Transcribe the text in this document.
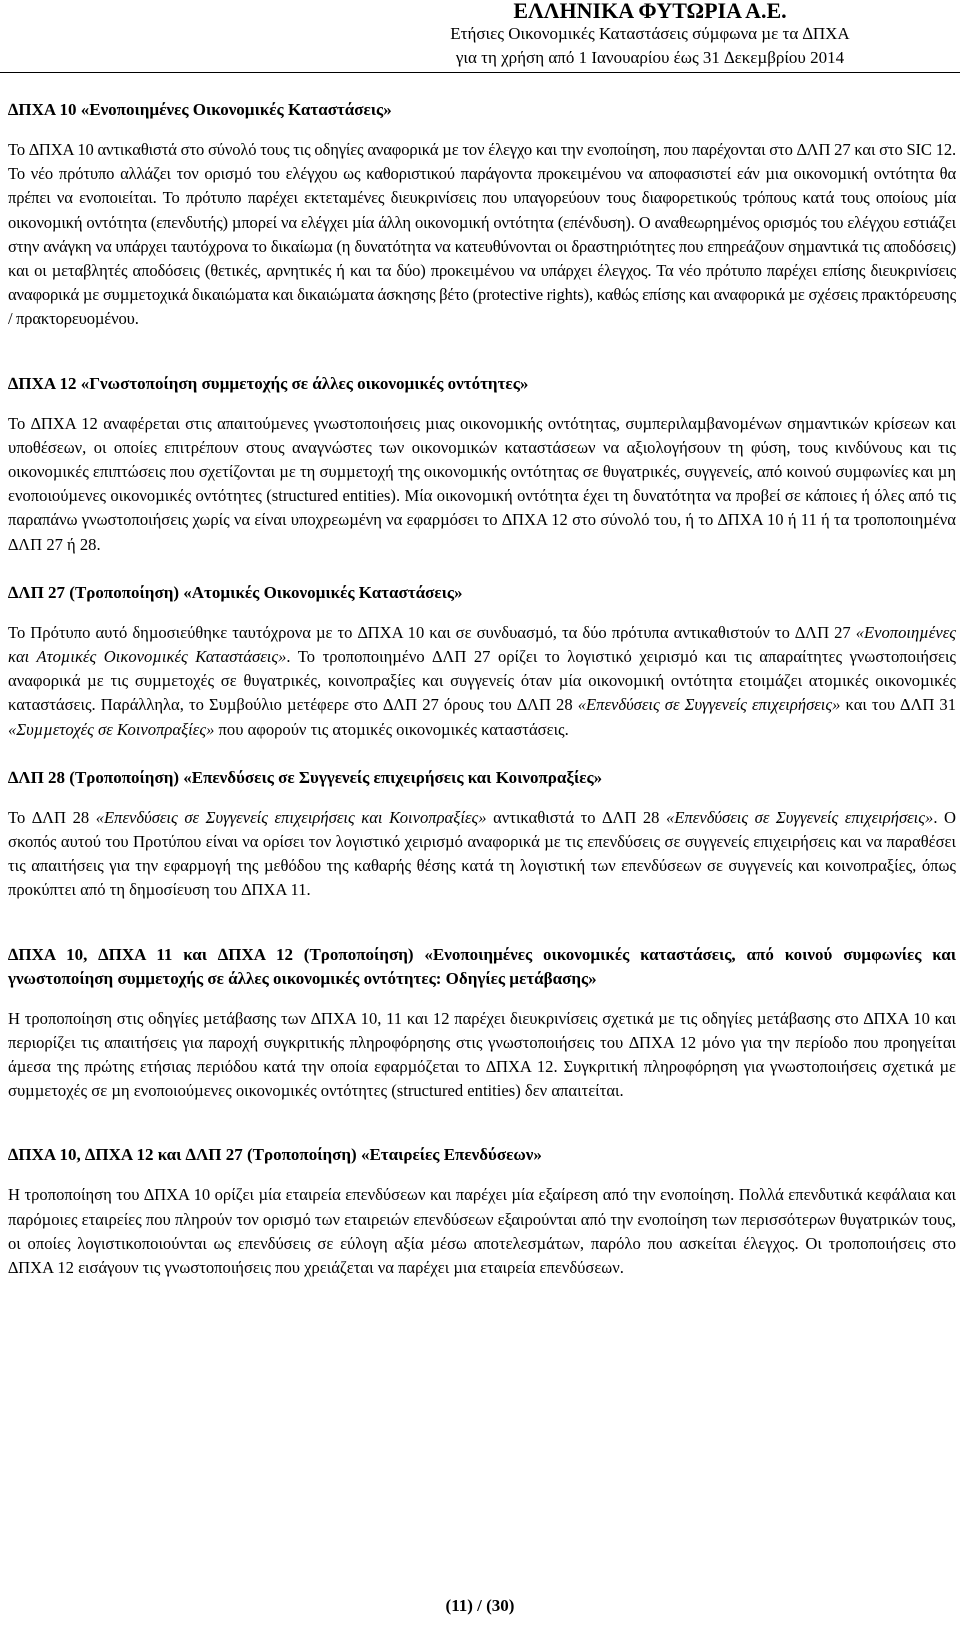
ΕΛΛΗΝΙΚΑ ΦΥΤΩΡΙΑ Α.Ε.
Ετήσιες Οικονοµικές Καταστάσεις σύµφωνα µε τα ∆ΠΧΑ
για τη χρήση από 1 Ιανουαρίου έως 31 ∆εκεµβρίου 2014
∆ΠΧΑ 10 «Ενοποιηµένες Οικονοµικές Καταστάσεις»

Το ∆ΠΧΑ 10 αντικαθιστά στο σύνολό τους τις οδηγίες αναφορικά µε τον έλεγχο και την ενοποίηση, που παρέχονται στο ∆ΛΠ 27 και στο SIC 12. Το νέο πρότυπο αλλάζει τον ορισµό του ελέγχου ως καθοριστικού παράγοντα προκειµένου να αποφασιστεί εάν µια οικονοµική οντότητα θα πρέπει να ενοποιείται. Το πρότυπο παρέχει εκτεταµένες διευκρινίσεις που υπαγορεύουν τους διαφορετικούς τρόπους κατά τους οποίους µία οικονοµική οντότητα (επενδυτής) µπορεί να ελέγχει µία άλλη οικονοµική οντότητα (επένδυση). Ο αναθεωρηµένος ορισµός του ελέγχου εστιάζει στην ανάγκη να υπάρχει ταυτόχρονα το δικαίωµα (η δυνατότητα να κατευθύνονται οι δραστηριότητες που επηρεάζουν σηµαντικά τις αποδόσεις) και οι µεταβλητές αποδόσεις (θετικές, αρνητικές ή και τα δύο) προκειµένου να υπάρχει έλεγχος. Τα νέο πρότυπο παρέχει επίσης διευκρινίσεις αναφορικά µε συµµετοχικά δικαιώµατα και δικαιώµατα άσκησης βέτο (protective rights), καθώς επίσης και αναφορικά µε σχέσεις πρακτόρευσης / πρακτορευοµένου.

∆ΠΧΑ 12 «Γνωστοποίηση συµµετοχής σε άλλες οικονοµικές οντότητες»

Το ∆ΠΧΑ 12 αναφέρεται στις απαιτούµενες γνωστοποιήσεις µιας οικονοµικής οντότητας, συµπεριλαµβανοµένων σηµαντικών κρίσεων και υποθέσεων, οι οποίες επιτρέπουν στους αναγνώστες των οικονοµικών καταστάσεων να αξιολογήσουν τη φύση, τους κινδύνους και τις οικονοµικές επιπτώσεις που σχετίζονται µε τη συµµετοχή της οικονοµικής οντότητας σε θυγατρικές, συγγενείς, από κοινού συµφωνίες και µη ενοποιούµενες οικονοµικές οντότητες (structured entities). Μία οικονοµική οντότητα έχει τη δυνατότητα να προβεί σε κάποιες ή όλες από τις παραπάνω γνωστοποιήσεις χωρίς να είναι υποχρεωµένη να εφαρµόσει το ∆ΠΧΑ 12 στο σύνολό του, ή το ∆ΠΧΑ 10 ή 11 ή τα τροποποιηµένα ∆ΛΠ 27 ή 28.

∆ΛΠ 27 (Τροποποίηση) «Ατοµικές Οικονοµικές Καταστάσεις»

Το Πρότυπο αυτό δηµοσιεύθηκε ταυτόχρονα µε το ∆ΠΧΑ 10 και σε συνδυασµό, τα δύο πρότυπα αντικαθιστούν το ∆ΛΠ 27 «Ενοποιηµένες και Ατοµικές Οικονοµικές Καταστάσεις». Το τροποποιηµένο ∆ΛΠ 27 ορίζει το λογιστικό χειρισµό και τις απαραίτητες γνωστοποιήσεις αναφορικά µε τις συµµετοχές σε θυγατρικές, κοινοπραξίες και συγγενείς όταν µία οικονοµική οντότητα ετοιµάζει ατοµικές οικονοµικές καταστάσεις. Παράλληλα, το Συµβούλιο µετέφερε στο ∆ΛΠ 27 όρους του ∆ΛΠ 28 «Επενδύσεις σε Συγγενείς επιχειρήσεις» και του ∆ΛΠ 31 «Συµµετοχές σε Κοινοπραξίες» που αφορούν τις ατοµικές οικονοµικές καταστάσεις.

∆ΛΠ 28 (Τροποποίηση) «Επενδύσεις σε Συγγενείς επιχειρήσεις και Κοινοπραξίες»

Το ∆ΛΠ 28 «Επενδύσεις σε Συγγενείς επιχειρήσεις και Κοινοπραξίες» αντικαθιστά το ∆ΛΠ 28 «Επενδύσεις σε Συγγενείς επιχειρήσεις». Ο σκοπός αυτού του Προτύπου είναι να ορίσει τον λογιστικό χειρισµό αναφορικά µε τις επενδύσεις σε συγγενείς επιχειρήσεις και να παραθέσει τις απαιτήσεις για την εφαρµογή της µεθόδου της καθαρής θέσης κατά τη λογιστική των επενδύσεων σε συγγενείς και κοινοπραξίες, όπως προκύπτει από τη δηµοσίευση του ∆ΠΧΑ 11.

∆ΠΧΑ 10, ∆ΠΧΑ 11 και ∆ΠΧΑ 12 (Τροποποίηση) «Ενοποιηµένες οικονοµικές καταστάσεις, από κοινού συµφωνίες και γνωστοποίηση συµµετοχής σε άλλες οικονοµικές οντότητες: Οδηγίες µετάβασης»

Η τροποποίηση στις οδηγίες µετάβασης των ∆ΠΧΑ 10, 11 και 12 παρέχει διευκρινίσεις σχετικά µε τις οδηγίες µετάβασης στο ∆ΠΧΑ 10 και περιορίζει τις απαιτήσεις για παροχή συγκριτικής πληροφόρησης στις γνωστοποιήσεις του ∆ΠΧΑ 12 µόνο για την περίοδο που προηγείται άµεσα της πρώτης ετήσιας περιόδου κατά την οποία εφαρµόζεται το ∆ΠΧΑ 12. Συγκριτική πληροφόρηση για γνωστοποιήσεις σχετικά µε συµµετοχές σε µη ενοποιούµενες οικονοµικές οντότητες (structured entities) δεν απαιτείται.

∆ΠΧΑ 10, ∆ΠΧΑ 12 και ∆ΛΠ 27 (Τροποποίηση) «Εταιρείες Επενδύσεων»

Η τροποποίηση του ∆ΠΧΑ 10 ορίζει µία εταιρεία επενδύσεων και παρέχει µία εξαίρεση από την ενοποίηση. Πολλά επενδυτικά κεφάλαια και παρόµοιες εταιρείες που πληρούν τον ορισµό των εταιρειών επενδύσεων εξαιρούνται από την ενοποίηση των περισσότερων θυγατρικών τους, οι οποίες λογιστικοποιούνται ως επενδύσεις σε εύλογη αξία µέσω αποτελεσµάτων, παρόλο που ασκείται έλεγχος. Οι τροποποιήσεις στο ∆ΠΧΑ 12 εισάγουν τις γνωστοποιήσεις που χρειάζεται να παρέχει µια εταιρεία επενδύσεων.

(11) / (30)
